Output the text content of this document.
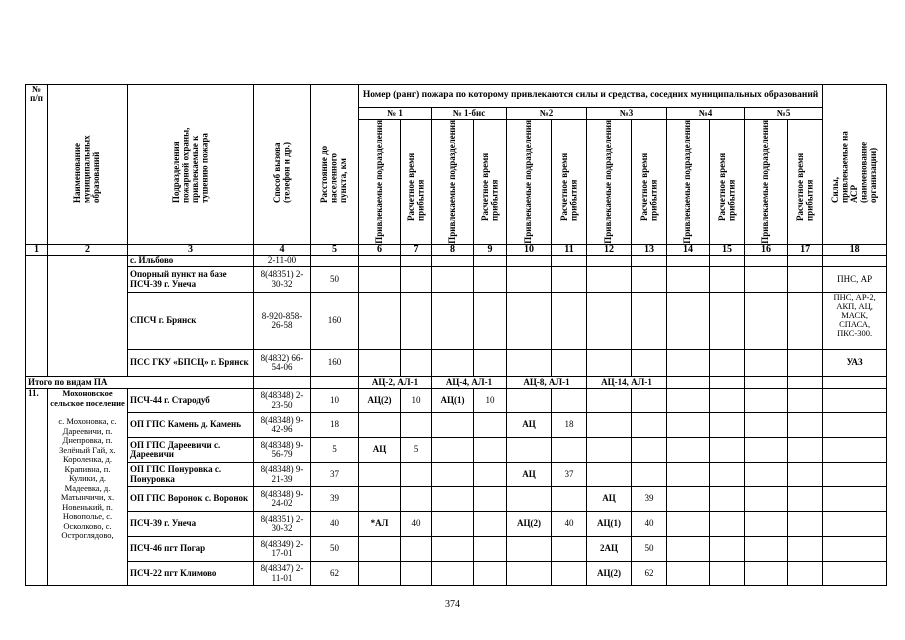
№ п/п	Наименование муниципальных образований	Подразделения пожарной охраны, привлекаемые к тушению пожара	Способ вызова (телефон и др.)	Расстояние до населенного пункта, км	Номер (ранг) пожара по которому привлекаются силы и средства, соседних муниципальных образований												Силы, привлекаемые на АСР (наименование организации)

					№ 1		№ 1-бис		№2		№3		№4		№5		

					Привлекаемые подразделения	Расчетное время прибытия	Привлекаемые подразделения	Расчетное время прибытия	Привлекаемые подразделения	Расчетное время прибытия	Привлекаемые подразделения	Расчетное время прибытия	Привлекаемые подразделения	Расчетное время прибытия	Привлекаемые подразделения	Расчетное время прибытия	

1	2	3	4	5	6	7	8	9	10	11	12	13	14	15	16	17	18
		с. Ильбово	2-11-00														
		Опорный пункт на базе ПСЧ-39 г. Унеча	8(48351) 2-30-32	50													ПНС, АР
		СПСЧ г. Брянск	8-920-858-26-58	160													ПНС, АР-2, АКП, АЦ, МАСК, СПАСА, ПКС-300.
		ПСС ГКУ «БПСЦ» г. Брянск	8(4832) 66-54-06	160													УАЗ
Итого по видам ПА					АЦ-2, АЛ-1		АЦ-4, АЛ-1		АЦ-8, АЛ-1		АЦ-14, АЛ-1						
11.	Мохоновское сельское поселение
с. Мохоновка, с. Дареевичи, п. Днепровка, п. Зелёный Гай, х. Короленка, д. Крапивна, п. Кулики, д. Мадеевка, д. Матынчичи, х. Новенький, п. Новополье, с. Осколково, с. Остроглядово,	ПСЧ-44 г. Стародуб	8(48348) 2-23-50	10	АЦ(2)	10	АЦ(1)	10									
		ОП ГПС Камень д. Камень	8(48348) 9-42-96	18					АЦ	18							
		ОП ГПС Дареевичи с. Дареевичи	8(48348) 9-56-79	5	АЦ	5											
		ОП ГПС Понуровка с. Понуровка	8(48348) 9-21-39	37					АЦ	37							
		ОП ГПС Воронок с. Воронок	8(48348) 9-24-02	39							АЦ	39					
		ПСЧ-39 г. Унеча	8(48351) 2-30-32	40	*АЛ	40			АЦ(2)	40	АЦ(1)	40					
		ПСЧ-46 пгт Погар	8(48349) 2-17-01	50							2АЦ	50					
		ПСЧ-22 пгт Климово	8(48347) 2-11-01	62							АЦ(2)	62					
374
